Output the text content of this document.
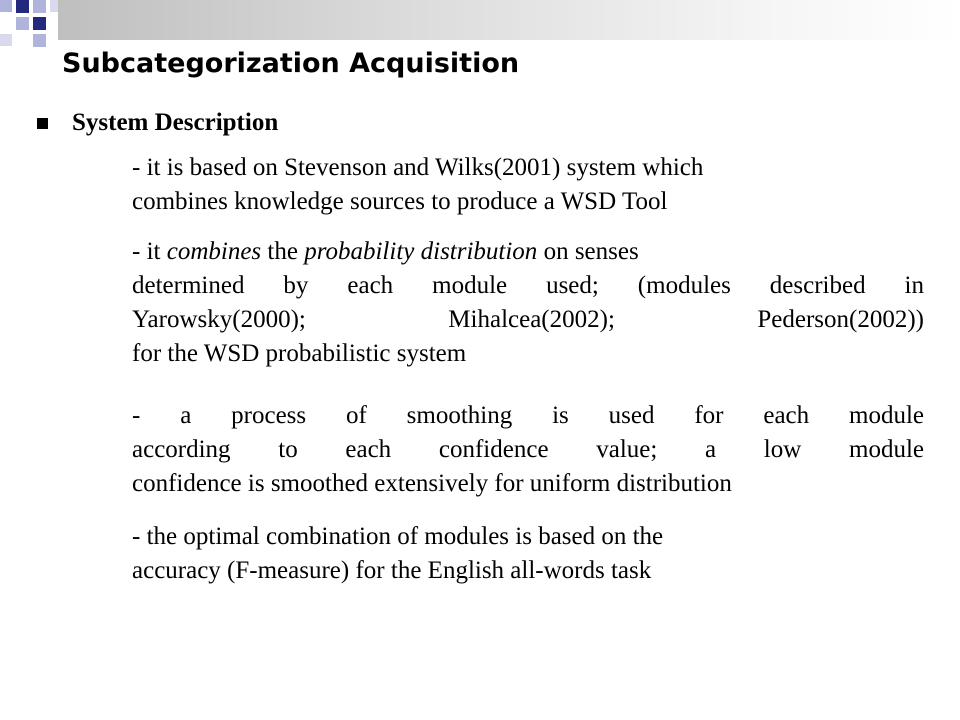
Subcategorization Acquisition
System Description

- it is based on Stevenson and Wilks(2001) system which
combines knowledge sources to produce a WSD Tool

- it combines the probability distribution on senses
determined by each module used; (modules described in
Yarowsky(2000); Mihalcea(2002); Pederson(2002))
for the WSD probabilistic system

- a process of smoothing is used for each module
according to each confidence value; a low module
confidence is smoothed extensively for uniform distribution

- the optimal combination of modules is based on the
accuracy (F-measure) for the English all-words task
